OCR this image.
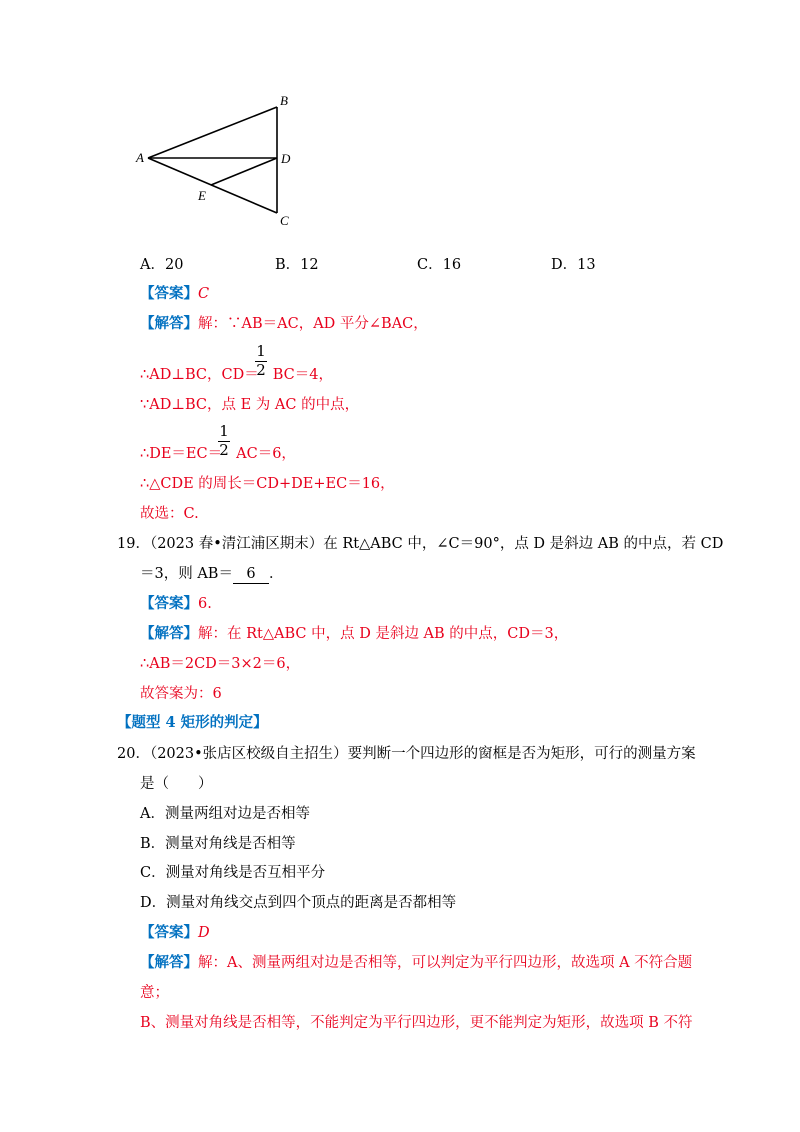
B
A	D
E
C
A．20	B．12	C．16	D．13
【答案】C
【解答】解：∵AB＝AC，AD 平分∠BAC，
∴AD⊥BC，CD＝ BC＝4，
1
2
∵AD⊥BC，点 E 为 AC 的中点，
∴DE＝EC＝ AC＝6，
1
2
∴△CDE 的周长＝CD+DE+EC＝16，
故选：C.
19．（2023 春•清江浦区期末）在 Rt△ABC 中，∠C＝90°，点 D 是斜边 AB 的中点，若 CD
＝3，则 AB＝ 6 ．
【答案】6.
【解答】解：在 Rt△ABC 中，点 D 是斜边 AB 的中点，CD＝3，
∴AB＝2CD＝3×2＝6，
故答案为：6
【题型 4 矩形的判定】
20．（2023•张店区校级自主招生）要判断一个四边形的窗框是否为矩形，可行的测量方案
是（　　）
A．测量两组对边是否相等
B．测量对角线是否相等
C．测量对角线是否互相平分
D．测量对角线交点到四个顶点的距离是否都相等
【答案】D
【解答】解：A、测量两组对边是否相等，可以判定为平行四边形，故选项 A 不符合题
意；
B、测量对角线是否相等，不能判定为平行四边形，更不能判定为矩形，故选项 B 不符
